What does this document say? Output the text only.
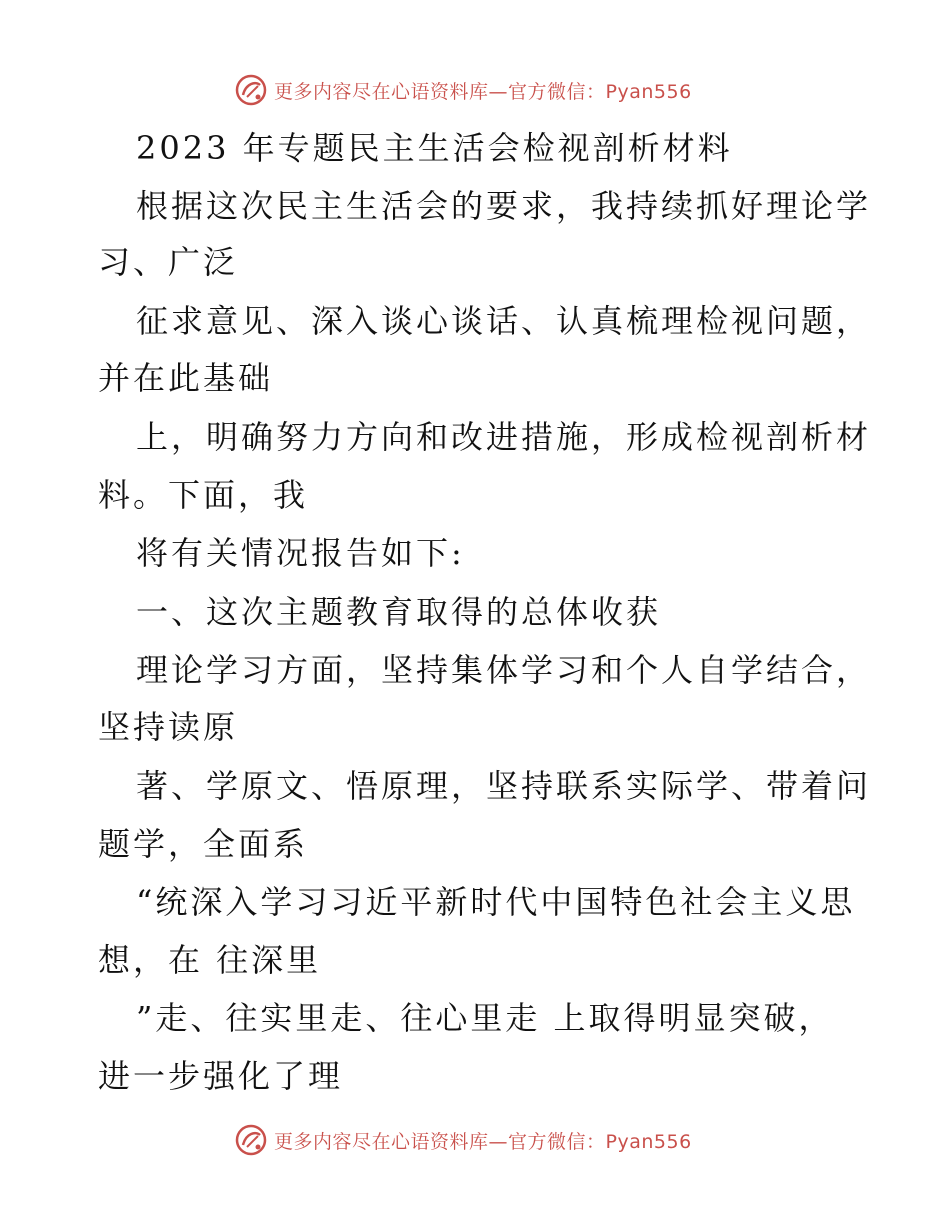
更多内容尽在心语资料库—官方微信：Pyan556
2023 年专题民主生活会检视剖析材料
根据这次民主生活会的要求，我持续抓好理论学
习、广泛
征求意见、深入谈心谈话、认真梳理检视问题，
并在此基础
上，明确努力方向和改进措施，形成检视剖析材
料。下面，我
将有关情况报告如下:
一、这次主题教育取得的总体收获
理论学习方面，坚持集体学习和个人自学结合，
坚持读原
著、学原文、悟原理，坚持联系实际学、带着问
题学，全面系
“统深入学习习近平新时代中国特色社会主义思
想，在 往深里
”走、往实里走、往心里走 上取得明显突破，
进一步强化了理
更多内容尽在心语资料库—官方微信：Pyan556
